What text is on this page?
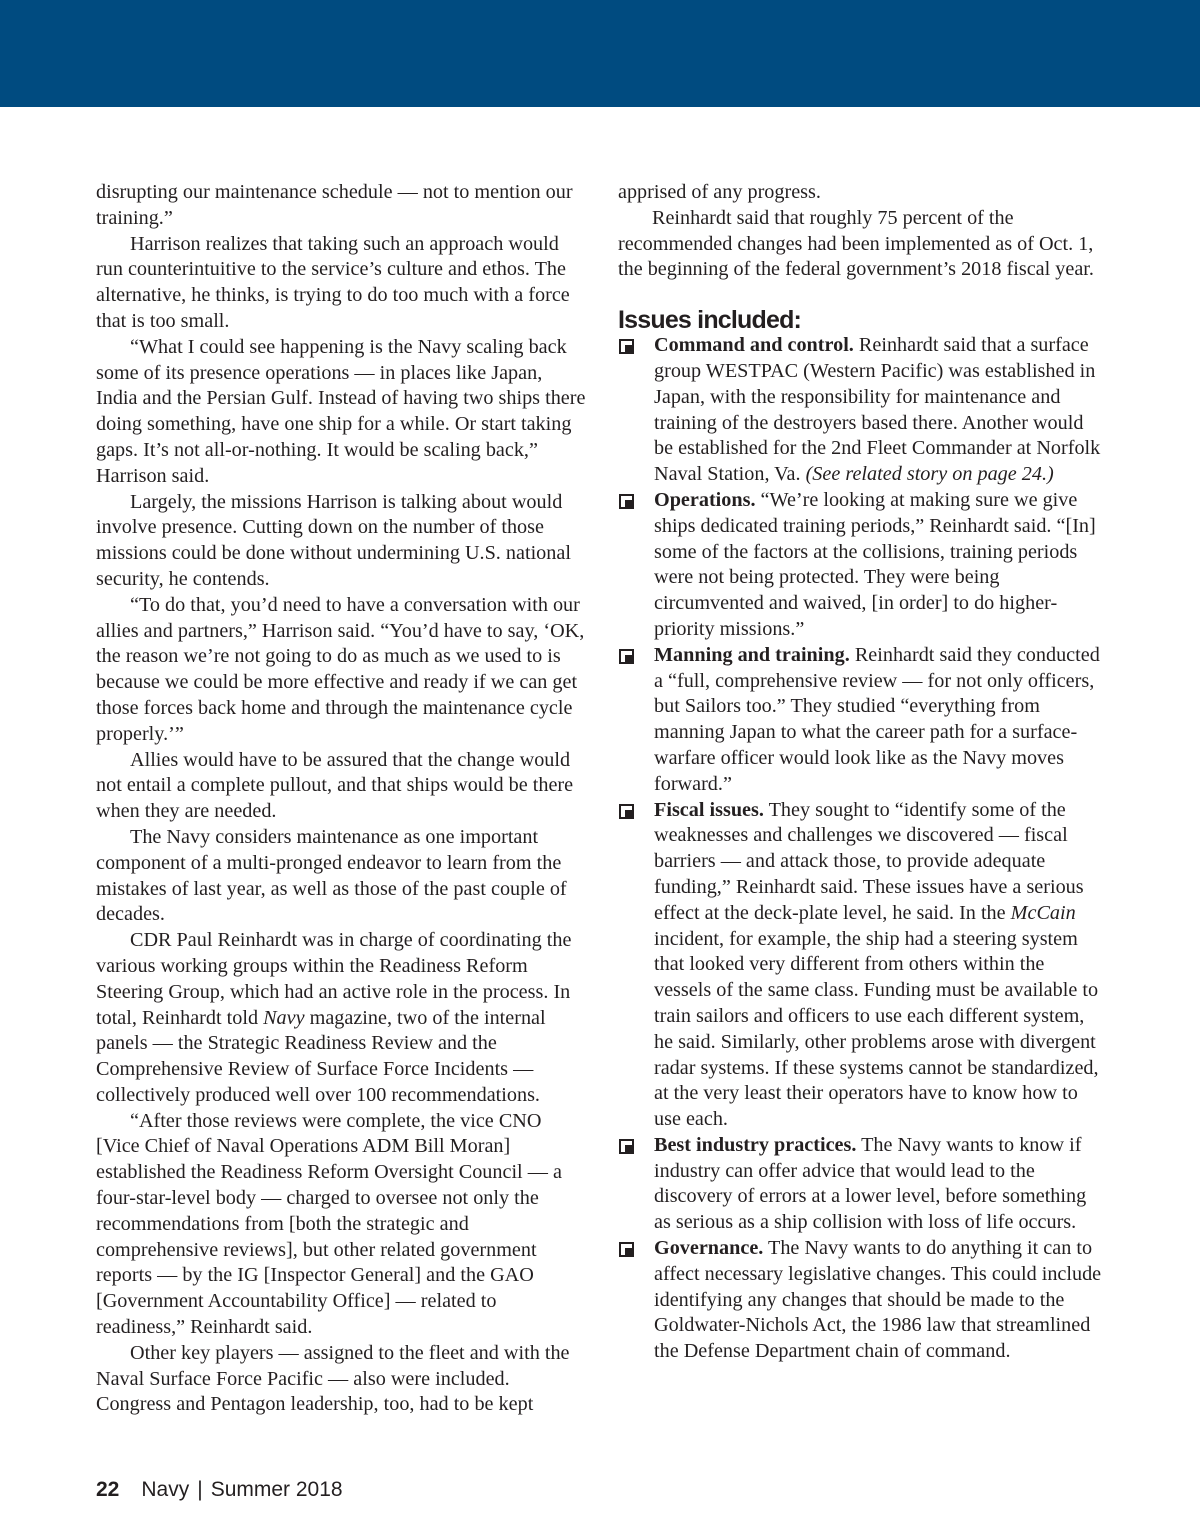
disrupting our maintenance schedule — not to mention our training.”

Harrison realizes that taking such an approach would run counterintuitive to the service’s culture and ethos. The alternative, he thinks, is trying to do too much with a force that is too small.

“What I could see happening is the Navy scaling back some of its presence operations — in places like Japan, India and the Persian Gulf. Instead of having two ships there doing something, have one ship for a while. Or start taking gaps. It’s not all-or-nothing. It would be scaling back,” Harrison said.

Largely, the missions Harrison is talking about would involve presence. Cutting down on the number of those missions could be done without undermining U.S. national security, he contends.

“To do that, you’d need to have a conversation with our allies and partners,” Harrison said. “You’d have to say, ‘OK, the reason we’re not going to do as much as we used to is because we could be more effective and ready if we can get those forces back home and through the maintenance cycle properly.’”

Allies would have to be assured that the change would not entail a complete pullout, and that ships would be there when they are needed.

The Navy considers maintenance as one important component of a multi-pronged endeavor to learn from the mistakes of last year, as well as those of the past couple of decades.

CDR Paul Reinhardt was in charge of coordinating the various working groups within the Readiness Reform Steering Group, which had an active role in the process. In total, Reinhardt told Navy magazine, two of the internal panels — the Strategic Readiness Review and the Comprehensive Review of Surface Force Incidents — collectively produced well over 100 recommendations.

“After those reviews were complete, the vice CNO [Vice Chief of Naval Operations ADM Bill Moran] established the Readiness Reform Oversight Council — a four-star-level body — charged to oversee not only the recommendations from [both the strategic and comprehensive reviews], but other related government reports — by the IG [Inspector General] and the GAO [Government Accountability Office] — related to readiness,” Reinhardt said.

Other key players — assigned to the fleet and with the Naval Surface Force Pacific — also were included. Congress and Pentagon leadership, too, had to be kept

apprised of any progress.

Reinhardt said that roughly 75 percent of the recommended changes had been implemented as of Oct. 1, the beginning of the federal government’s 2018 fiscal year.

Issues included:
Command and control. Reinhardt said that a surface group WESTPAC (Western Pacific) was established in Japan, with the responsibility for maintenance and training of the destroyers based there. Another would be established for the 2nd Fleet Commander at Norfolk Naval Station, Va. (See related story on page 24.)
Operations. “We’re looking at making sure we give ships dedicated training periods,” Reinhardt said. “[In] some of the factors at the collisions, training periods were not being protected. They were being circumvented and waived, [in order] to do higher-priority missions.”
Manning and training. Reinhardt said they conducted a “full, comprehensive review — for not only officers, but Sailors too.” They studied “everything from manning Japan to what the career path for a surface-warfare officer would look like as the Navy moves forward.”
Fiscal issues. They sought to “identify some of the weaknesses and challenges we discovered — fiscal barriers — and attack those, to provide adequate funding,” Reinhardt said. These issues have a serious effect at the deck-plate level, he said. In the McCain incident, for example, the ship had a steering system that looked very different from others within the vessels of the same class. Funding must be available to train sailors and officers to use each different system, he said. Similarly, other problems arose with divergent radar systems. If these systems cannot be standardized, at the very least their operators have to know how to use each.
Best industry practices. The Navy wants to know if industry can offer advice that would lead to the discovery of errors at a lower level, before something as serious as a ship collision with loss of life occurs.
Governance. The Navy wants to do anything it can to affect necessary legislative changes. This could include identifying any changes that should be made to the Goldwater-Nichols Act, the 1986 law that streamlined the Defense Department chain of command.
22 Navy | Summer 2018
